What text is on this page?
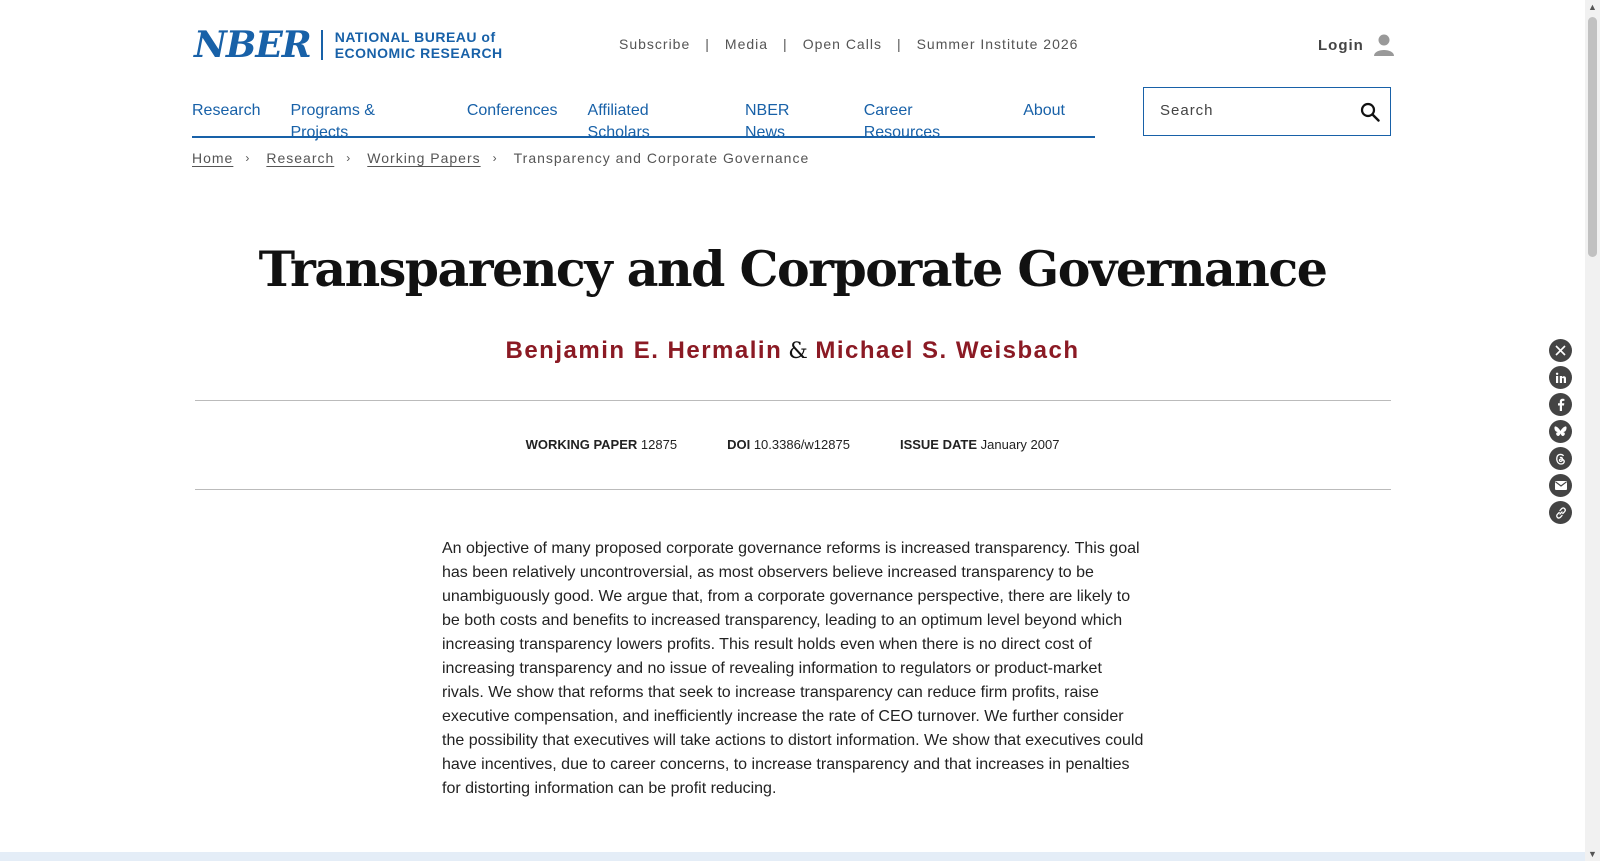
NBER NATIONAL BUREAU of
ECONOMIC RESEARCH
Subscribe | Media | Open Calls | Summer Institute 2026	Login
Research Programs & Projects
Conferences Affiliated Scholars
NBER News
Career Resources
About
Search
Home › Research › Working Papers › Transparency and Corporate Governance
Transparency and Corporate Governance
Benjamin E. Hermalin & Michael S. Weisbach
WORKING PAPER 12875	DOI 10.3386/w12875	ISSUE DATE January 2007

An objective of many proposed corporate governance reforms is increased transparency. This goal has been relatively uncontroversial, as most observers believe increased transparency to be unambiguously good. We argue that, from a corporate governance perspective, there are likely to be both costs and benefits to increased transparency, leading to an optimum level beyond which increasing transparency lowers profits. This result holds even when there is no direct cost of increasing transparency and no issue of revealing information to regulators or product-market rivals. We show that reforms that seek to increase transparency can reduce firm profits, raise executive compensation, and inefficiently increase the rate of CEO turnover. We further consider the possibility that executives will take actions to distort information. We show that executives could have incentives, due to career concerns, to increase transparency and that increases in penalties for distorting information can be profit reducing.

▲
▼
